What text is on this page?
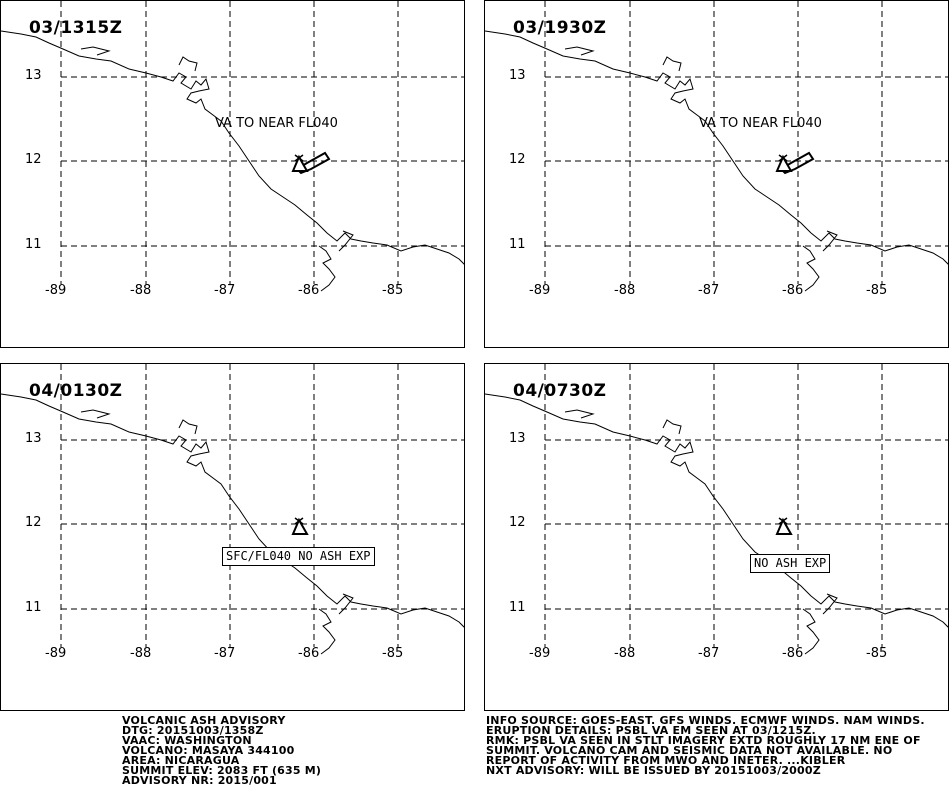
03/1315Z
13
12
11
-89	-88	-87	-86	-85
VA TO NEAR FL040
03/1930Z
13
12
11
-89	-88	-87	-86	-85
VA TO NEAR FL040
04/0130Z
13
12
11
-89	-88	-87	-86	-85
SFC/FL040 NO ASH EXP
04/0730Z
13
12
11
-89	-88	-87	-86	-85
NO ASH EXP
VOLCANIC ASH ADVISORY
DTG: 20151003/1358Z
VAAC: WASHINGTON
VOLCANO: MASAYA 344100
AREA: NICARAGUA
SUMMIT ELEV: 2083 FT (635 M)
ADVISORY NR: 2015/001
INFO SOURCE: GOES-EAST. GFS WINDS. ECMWF WINDS. NAM WINDS.
ERUPTION DETAILS: PSBL VA EM SEEN AT 03/1215Z.
RMK: PSBL VA SEEN IN STLT IMAGERY EXTD ROUGHLY 17 NM ENE OF
SUMMIT. VOLCANO CAM AND SEISMIC DATA NOT AVAILABLE. NO
REPORT OF ACTIVITY FROM MWO AND INETER. ...KIBLER
NXT ADVISORY: WILL BE ISSUED BY 20151003/2000Z
